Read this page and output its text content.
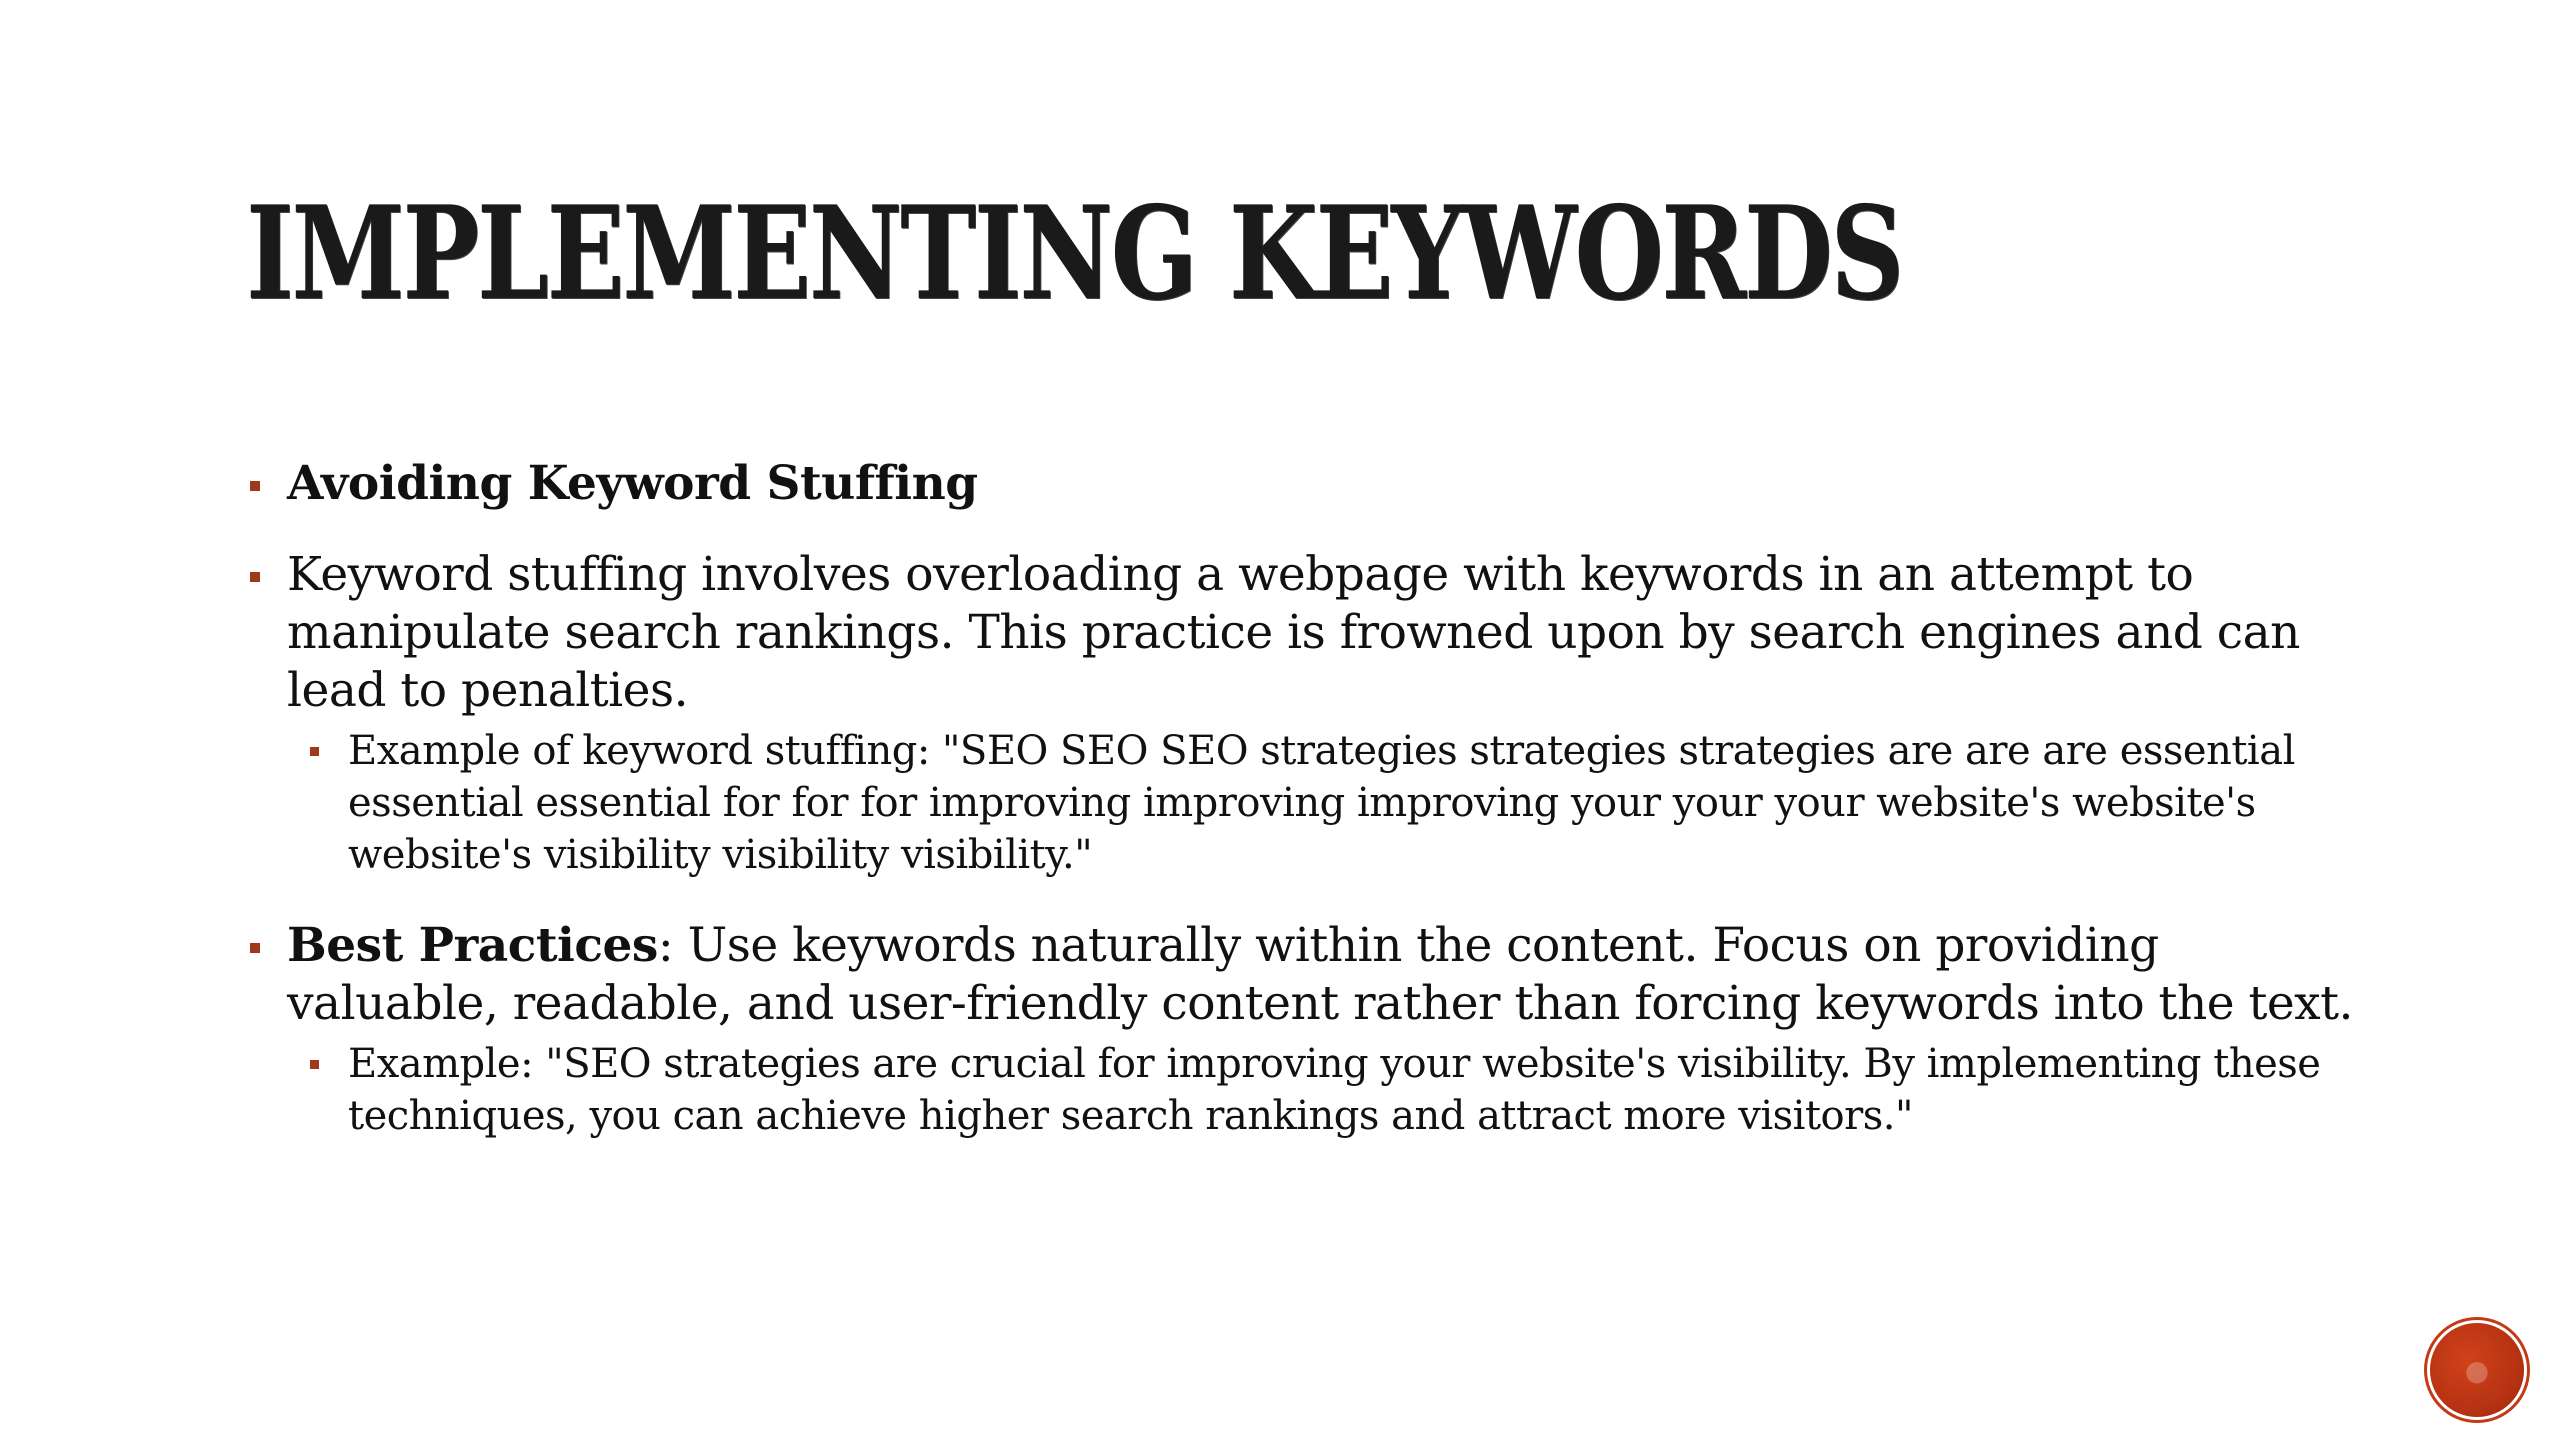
IMPLEMENTING KEYWORDS
Avoiding Keyword Stuffing
Keyword stuffing involves overloading a webpage with keywords in an attempt to manipulate search rankings. This practice is frowned upon by search engines and can lead to penalties.
Example of keyword stuffing: "SEO SEO SEO strategies strategies strategies are are are essential essential essential for for for improving improving improving your your your website's website's website's visibility visibility visibility."
Best Practices: Use keywords naturally within the content. Focus on providing valuable, readable, and user-friendly content rather than forcing keywords into the text.
Example: "SEO strategies are crucial for improving your website's visibility. By implementing these techniques, you can achieve higher search rankings and attract more visitors."
●
